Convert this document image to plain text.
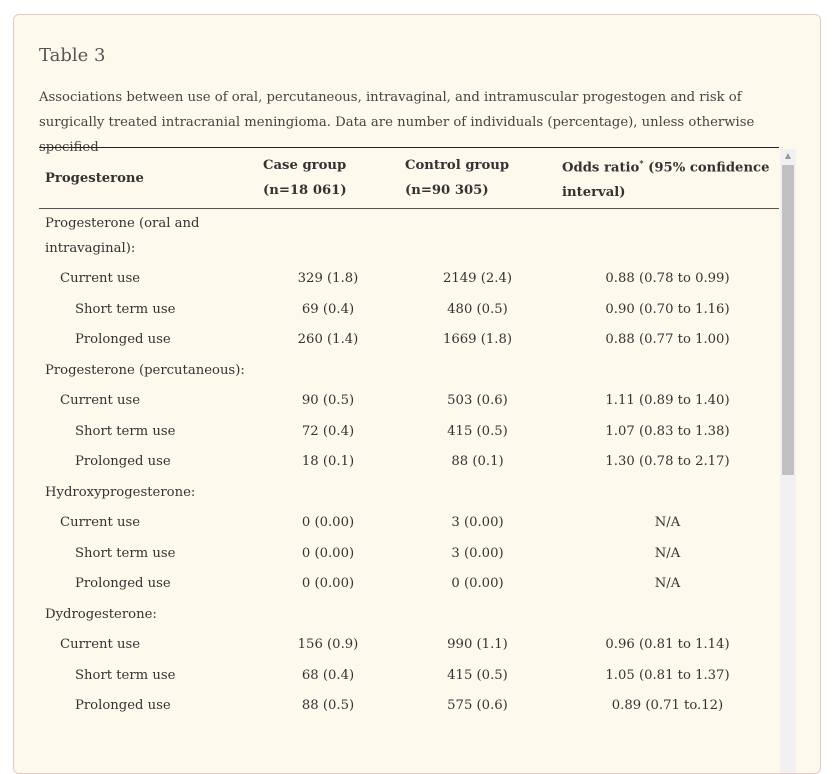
Table 3
Associations between use of oral, percutaneous, intravaginal, and intramuscular progestogen and risk of surgically treated intracranial meningioma. Data are number of individuals (percentage), unless otherwise specified
Progesterone	Case group (n=18 061)	Control group (n=90 305)	Odds ratio* (95% confidence interval)
Progesterone (oral and intravaginal):			
Current use	329 (1.8)	2149 (2.4)	0.88 (0.78 to 0.99)
Short term use	69 (0.4)	480 (0.5)	0.90 (0.70 to 1.16)
Prolonged use	260 (1.4)	1669 (1.8)	0.88 (0.77 to 1.00)
Progesterone (percutaneous):			
Current use	90 (0.5)	503 (0.6)	1.11 (0.89 to 1.40)
Short term use	72 (0.4)	415 (0.5)	1.07 (0.83 to 1.38)
Prolonged use	18 (0.1)	88 (0.1)	1.30 (0.78 to 2.17)
Hydroxyprogesterone:			
Current use	0 (0.00)	3 (0.00)	N/A
Short term use	0 (0.00)	3 (0.00)	N/A
Prolonged use	0 (0.00)	0 (0.00)	N/A
Dydrogesterone:			
Current use	156 (0.9)	990 (1.1)	0.96 (0.81 to 1.14)
Short term use	68 (0.4)	415 (0.5)	1.05 (0.81 to 1.37)
Prolonged use	88 (0.5)	575 (0.6)	0.89 (0.71 to.12)
▲
